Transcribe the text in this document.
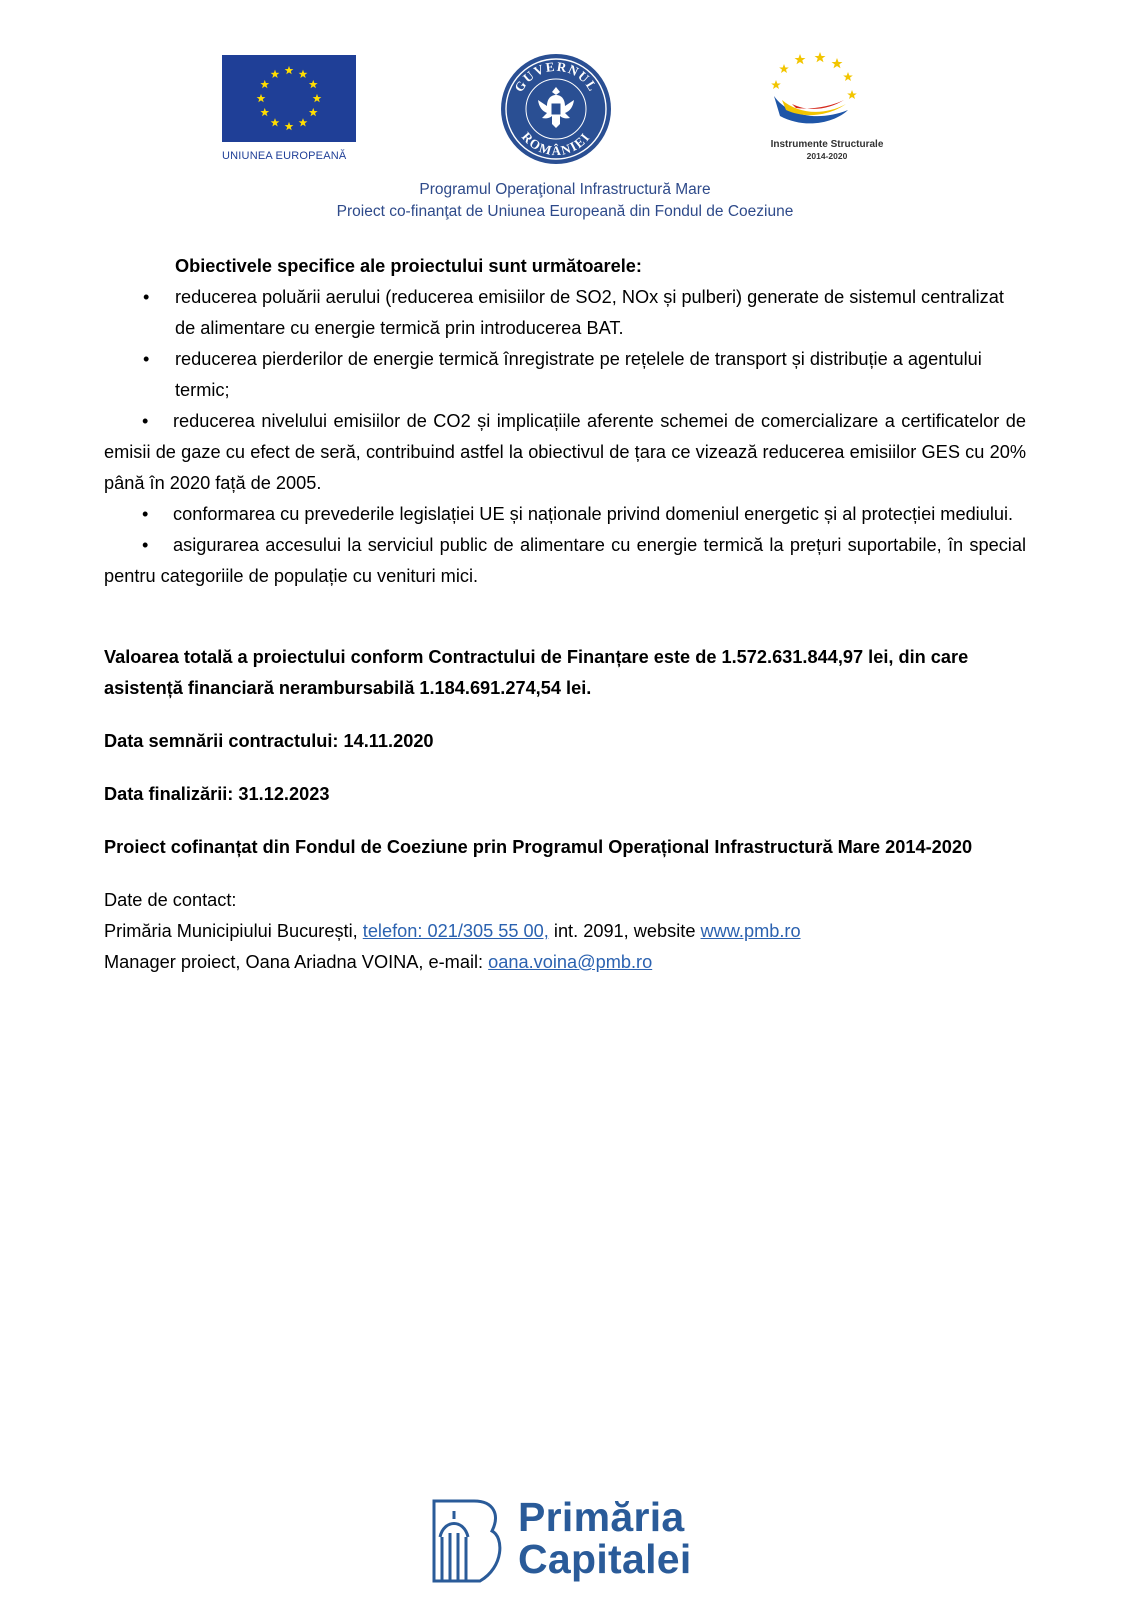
UNIUNEA EUROPEANĂ
GUVERNUL
ROMÂNIEI
Instrumente Structurale
2014-2020
Programul Operaţional Infrastructură Mare
Proiect co-finanţat de Uniunea Europeană din Fondul de Coeziune
Obiectivele specifice ale proiectului sunt următoarele:
• reducerea poluării aerului (reducerea emisiilor de SO2, NOx și pulberi) generate de sistemul centralizat de alimentare cu energie termică prin introducerea BAT.
• reducerea pierderilor de energie termică înregistrate pe rețelele de transport și distribuție a agentului termic;
• reducerea nivelului emisiilor de CO2 și implicațiile aferente schemei de comercializare a certificatelor de emisii de gaze cu efect de seră, contribuind astfel la obiectivul de țara ce vizează reducerea emisiilor GES cu 20% până în 2020 față de 2005.
• conformarea cu prevederile legislației UE și naționale privind domeniul energetic și al protecției mediului.
• asigurarea accesului la serviciul public de alimentare cu energie termică la prețuri suportabile, în special pentru categoriile de populație cu venituri mici.
Valoarea totală a proiectului conform Contractului de Finanțare este de 1.572.631.844,97 lei, din care asistență financiară nerambursabilă 1.184.691.274,54 lei.
Data semnării contractului: 14.11.2020
Data finalizării: 31.12.2023
Proiect cofinanțat din Fondul de Coeziune prin Programul Operațional Infrastructură Mare 2014-2020
Date de contact:
Primăria Municipiului București, telefon: 021/305 55 00, int. 2091, website www.pmb.ro
Manager proiect, Oana Ariadna VOINA, e-mail: oana.voina@pmb.ro
Primăria
Capitalei
